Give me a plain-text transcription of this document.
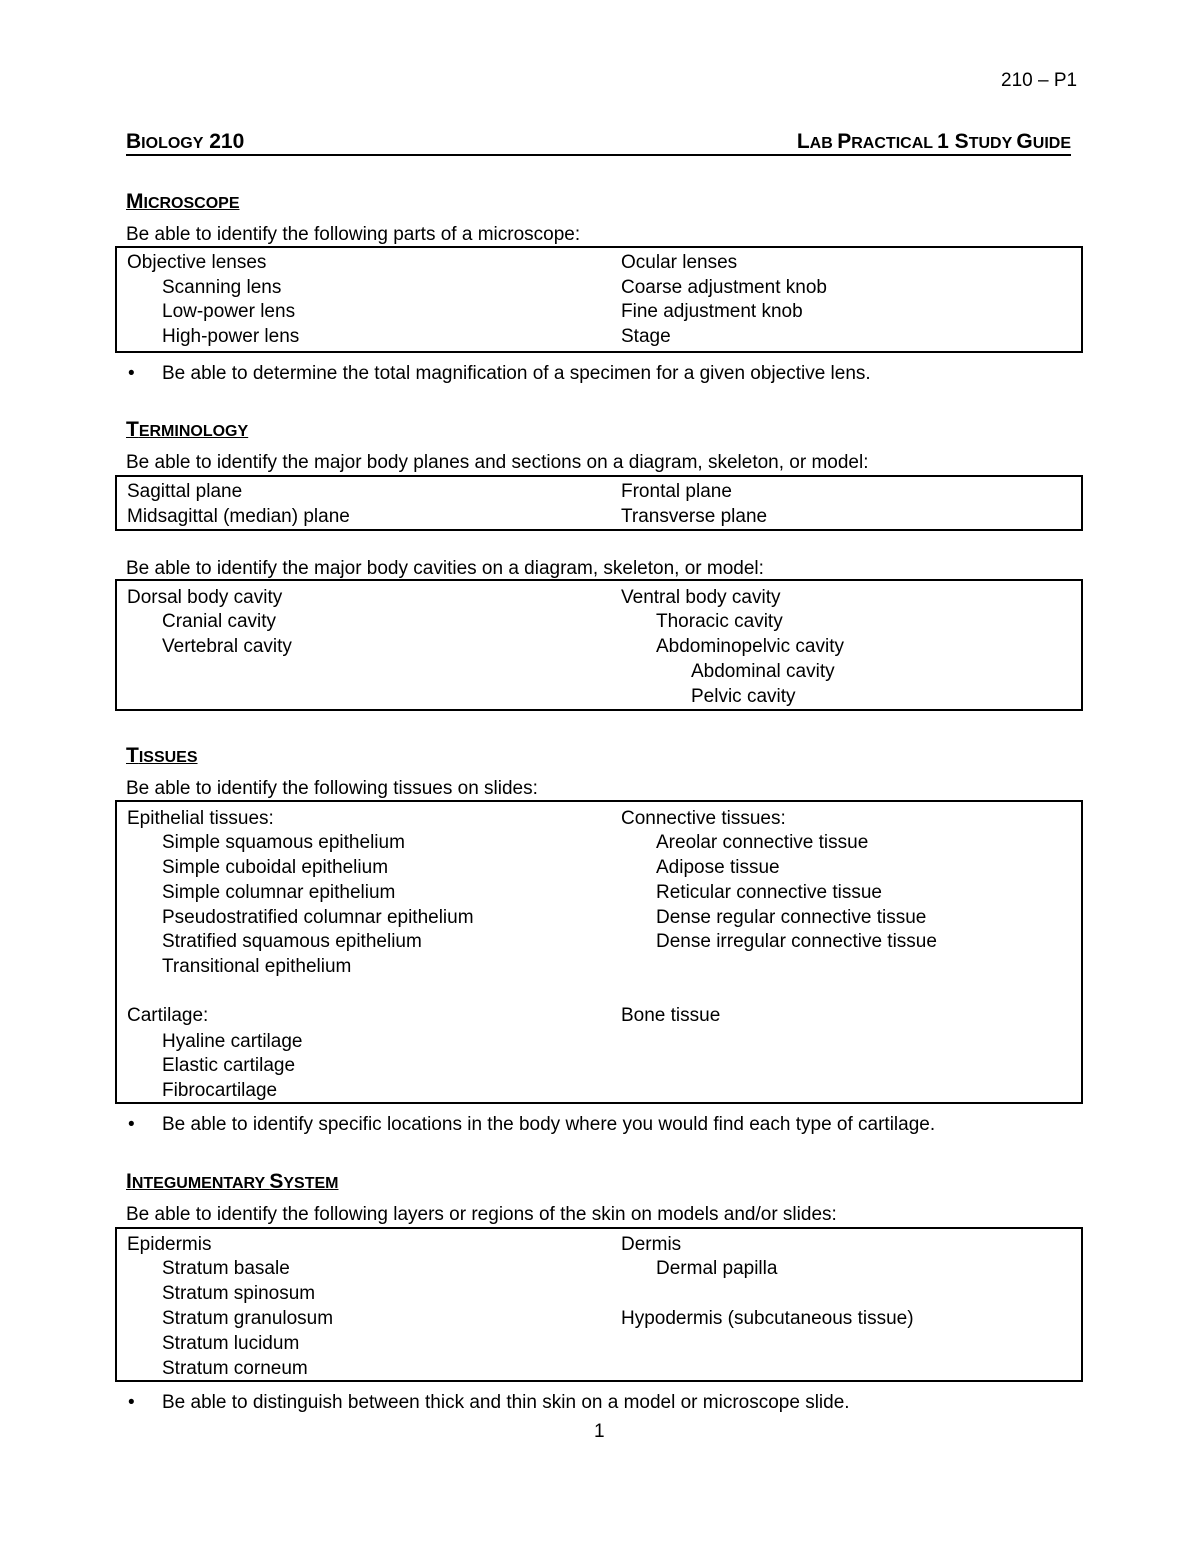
210 – P1
BIOLOGY 210	LAB PRACTICAL 1 STUDY GUIDE
MICROSCOPE
Be able to identify the following parts of a microscope:
Objective lenses
Scanning lens
Low-power lens
High-power lens
Ocular lenses
Coarse adjustment knob
Fine adjustment knob
Stage
• Be able to determine the total magnification of a specimen for a given objective lens.
TERMINOLOGY
Be able to identify the major body planes and sections on a diagram, skeleton, or model:
Sagittal plane
Midsagittal (median) plane
Frontal plane
Transverse plane
Be able to identify the major body cavities on a diagram, skeleton, or model:
Dorsal body cavity
Cranial cavity
Vertebral cavity
Ventral body cavity
Thoracic cavity
Abdominopelvic cavity
Abdominal cavity
Pelvic cavity
TISSUES
Be able to identify the following tissues on slides:
Epithelial tissues:
Simple squamous epithelium
Simple cuboidal epithelium
Simple columnar epithelium
Pseudostratified columnar epithelium
Stratified squamous epithelium
Transitional epithelium
Connective tissues:
Areolar connective tissue
Adipose tissue
Reticular connective tissue
Dense regular connective tissue
Dense irregular connective tissue
Cartilage:
Hyaline cartilage
Elastic cartilage
Fibrocartilage
Bone tissue
• Be able to identify specific locations in the body where you would find each type of cartilage.
INTEGUMENTARY SYSTEM
Be able to identify the following layers or regions of the skin on models and/or slides:
Epidermis
Stratum basale
Stratum spinosum
Stratum granulosum
Stratum lucidum
Stratum corneum
Dermis
Dermal papilla
Hypodermis (subcutaneous tissue)
• Be able to distinguish between thick and thin skin on a model or microscope slide.
1
